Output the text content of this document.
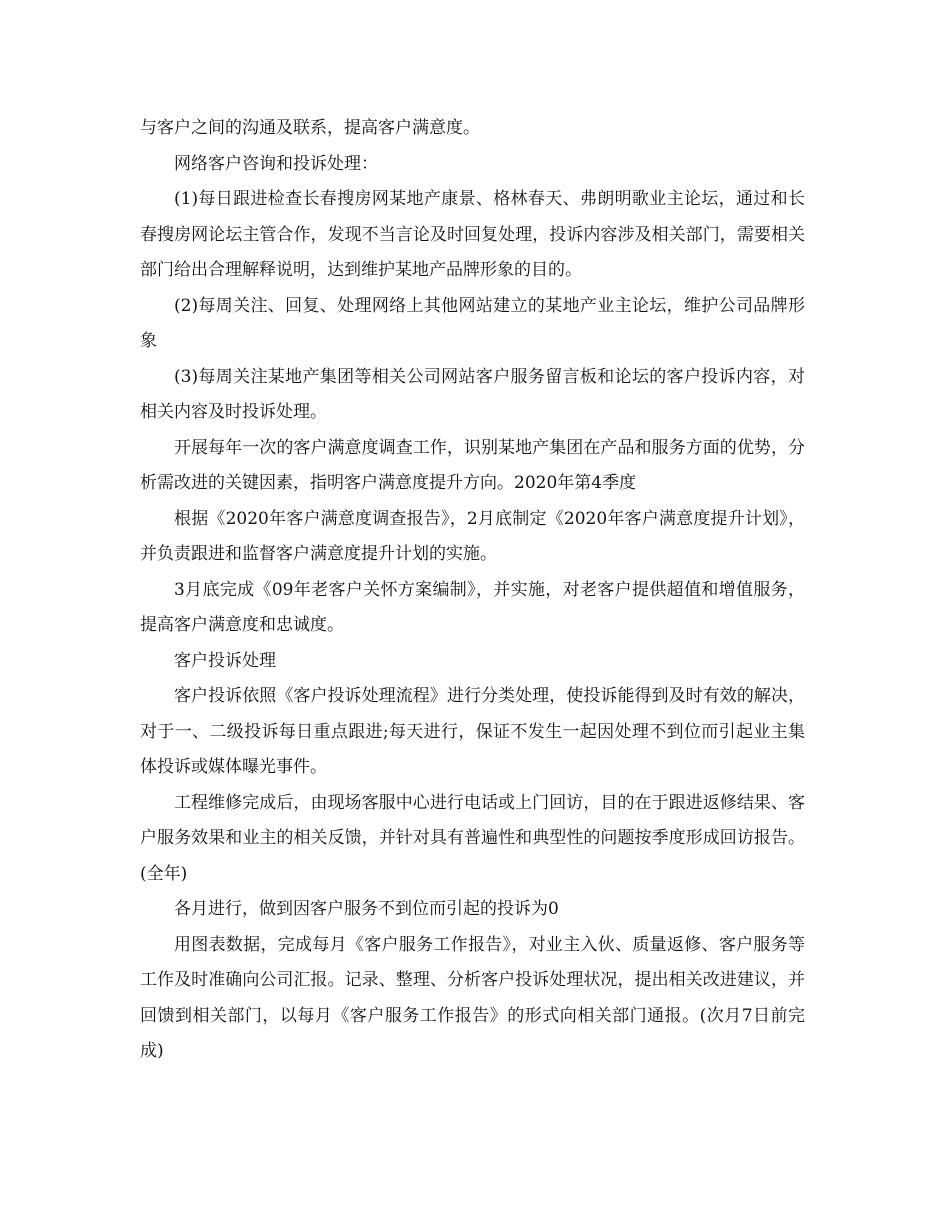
与客户之间的沟通及联系，提高客户满意度。

网络客户咨询和投诉处理：

(1)每日跟进检查长春搜房网某地产康景、格林春天、弗朗明歌业主论坛，通过和长春搜房网论坛主管合作，发现不当言论及时回复处理，投诉内容涉及相关部门，需要相关部门给出合理解释说明，达到维护某地产品牌形象的目的。

(2)每周关注、回复、处理网络上其他网站建立的某地产业主论坛，维护公司品牌形象

(3)每周关注某地产集团等相关公司网站客户服务留言板和论坛的客户投诉内容，对相关内容及时投诉处理。

开展每年一次的客户满意度调查工作，识别某地产集团在产品和服务方面的优势，分析需改进的关键因素，指明客户满意度提升方向。2020年第4季度

根据《2020年客户满意度调查报告》，2月底制定《2020年客户满意度提升计划》，并负责跟进和监督客户满意度提升计划的实施。

3月底完成《09年老客户关怀方案编制》，并实施，对老客户提供超值和增值服务，提高客户满意度和忠诚度。

客户投诉处理

客户投诉依照《客户投诉处理流程》进行分类处理，使投诉能得到及时有效的解决，对于一、二级投诉每日重点跟进;每天进行，保证不发生一起因处理不到位而引起业主集体投诉或媒体曝光事件。

工程维修完成后，由现场客服中心进行电话或上门回访，目的在于跟进返修结果、客户服务效果和业主的相关反馈，并针对具有普遍性和典型性的问题按季度形成回访报告。(全年)

各月进行，做到因客户服务不到位而引起的投诉为0

用图表数据，完成每月《客户服务工作报告》，对业主入伙、质量返修、客户服务等工作及时准确向公司汇报。记录、整理、分析客户投诉处理状况，提出相关改进建议，并回馈到相关部门，以每月《客户服务工作报告》的形式向相关部门通报。(次月7日前完成)
